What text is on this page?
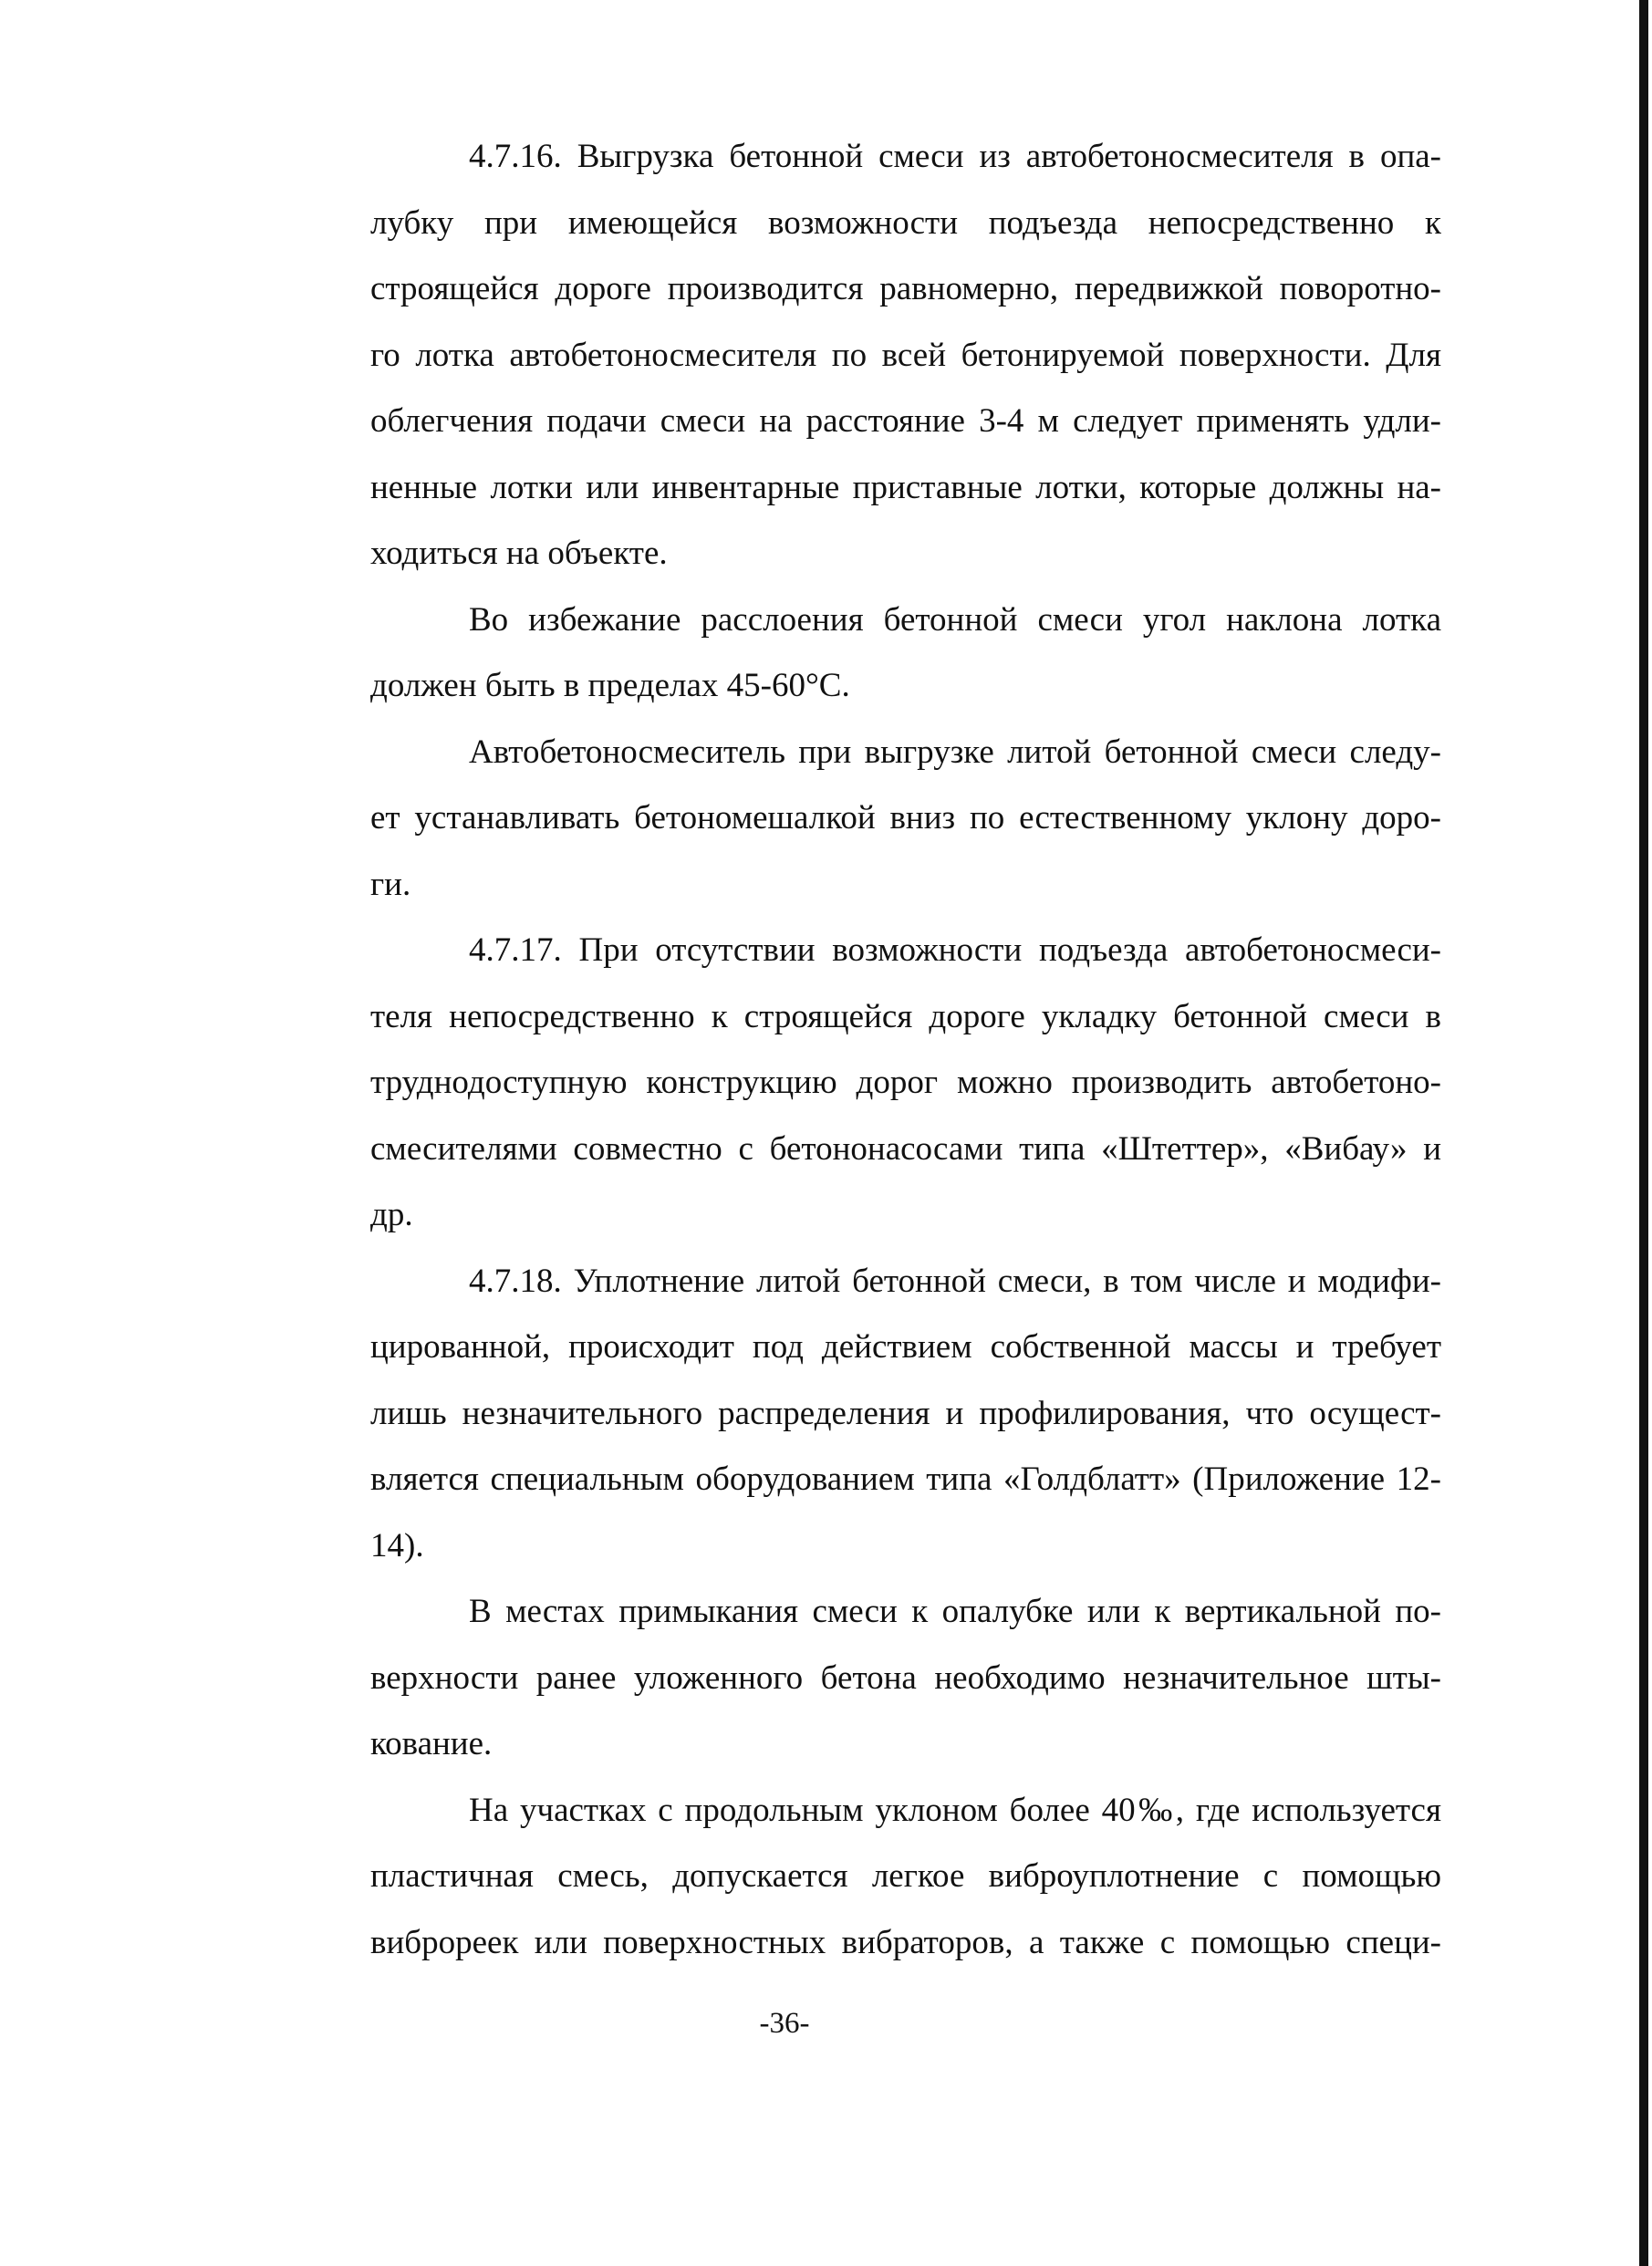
4.7.16. Выгрузка бетонной смеси из автобетоносмесителя в опа-
лубку при имеющейся возможности подъезда непосредственно к
строящейся дороге производится равномерно, передвижкой поворотно-
го лотка автобетоносмесителя по всей бетонируемой поверхности. Для
облегчения подачи смеси на расстояние 3-4 м следует применять удли-
ненные лотки или инвентарные приставные лотки, которые должны на-
ходиться на объекте.
Во избежание расслоения бетонной смеси угол наклона лотка
должен быть в пределах 45-60°С.
Автобетоносмеситель при выгрузке литой бетонной смеси следу-
ет устанавливать бетономешалкой вниз по естественному уклону доро-
ги.
4.7.17. При отсутствии возможности подъезда автобетоносмеси-
теля непосредственно к строящейся дороге укладку бетонной смеси в
труднодоступную конструкцию дорог можно производить автобетоно-
смесителями совместно с бетононасосами типа «Штеттер», «Вибау» и
др.
4.7.18. Уплотнение литой бетонной смеси, в том числе и модифи-
цированной, происходит под действием собственной массы и требует
лишь незначительного распределения и профилирования, что осущест-
вляется специальным оборудованием типа «Голдблатт» (Приложение 12-
14).
В местах примыкания смеси к опалубке или к вертикальной по-
верхности ранее уложенного бетона необходимо незначительное шты-
кование.
На участках с продольным уклоном более 40‰, где используется
пластичная смесь, допускается легкое виброуплотнение с помощью
виброреек или поверхностных вибраторов, а также с помощью специ-
-36-
